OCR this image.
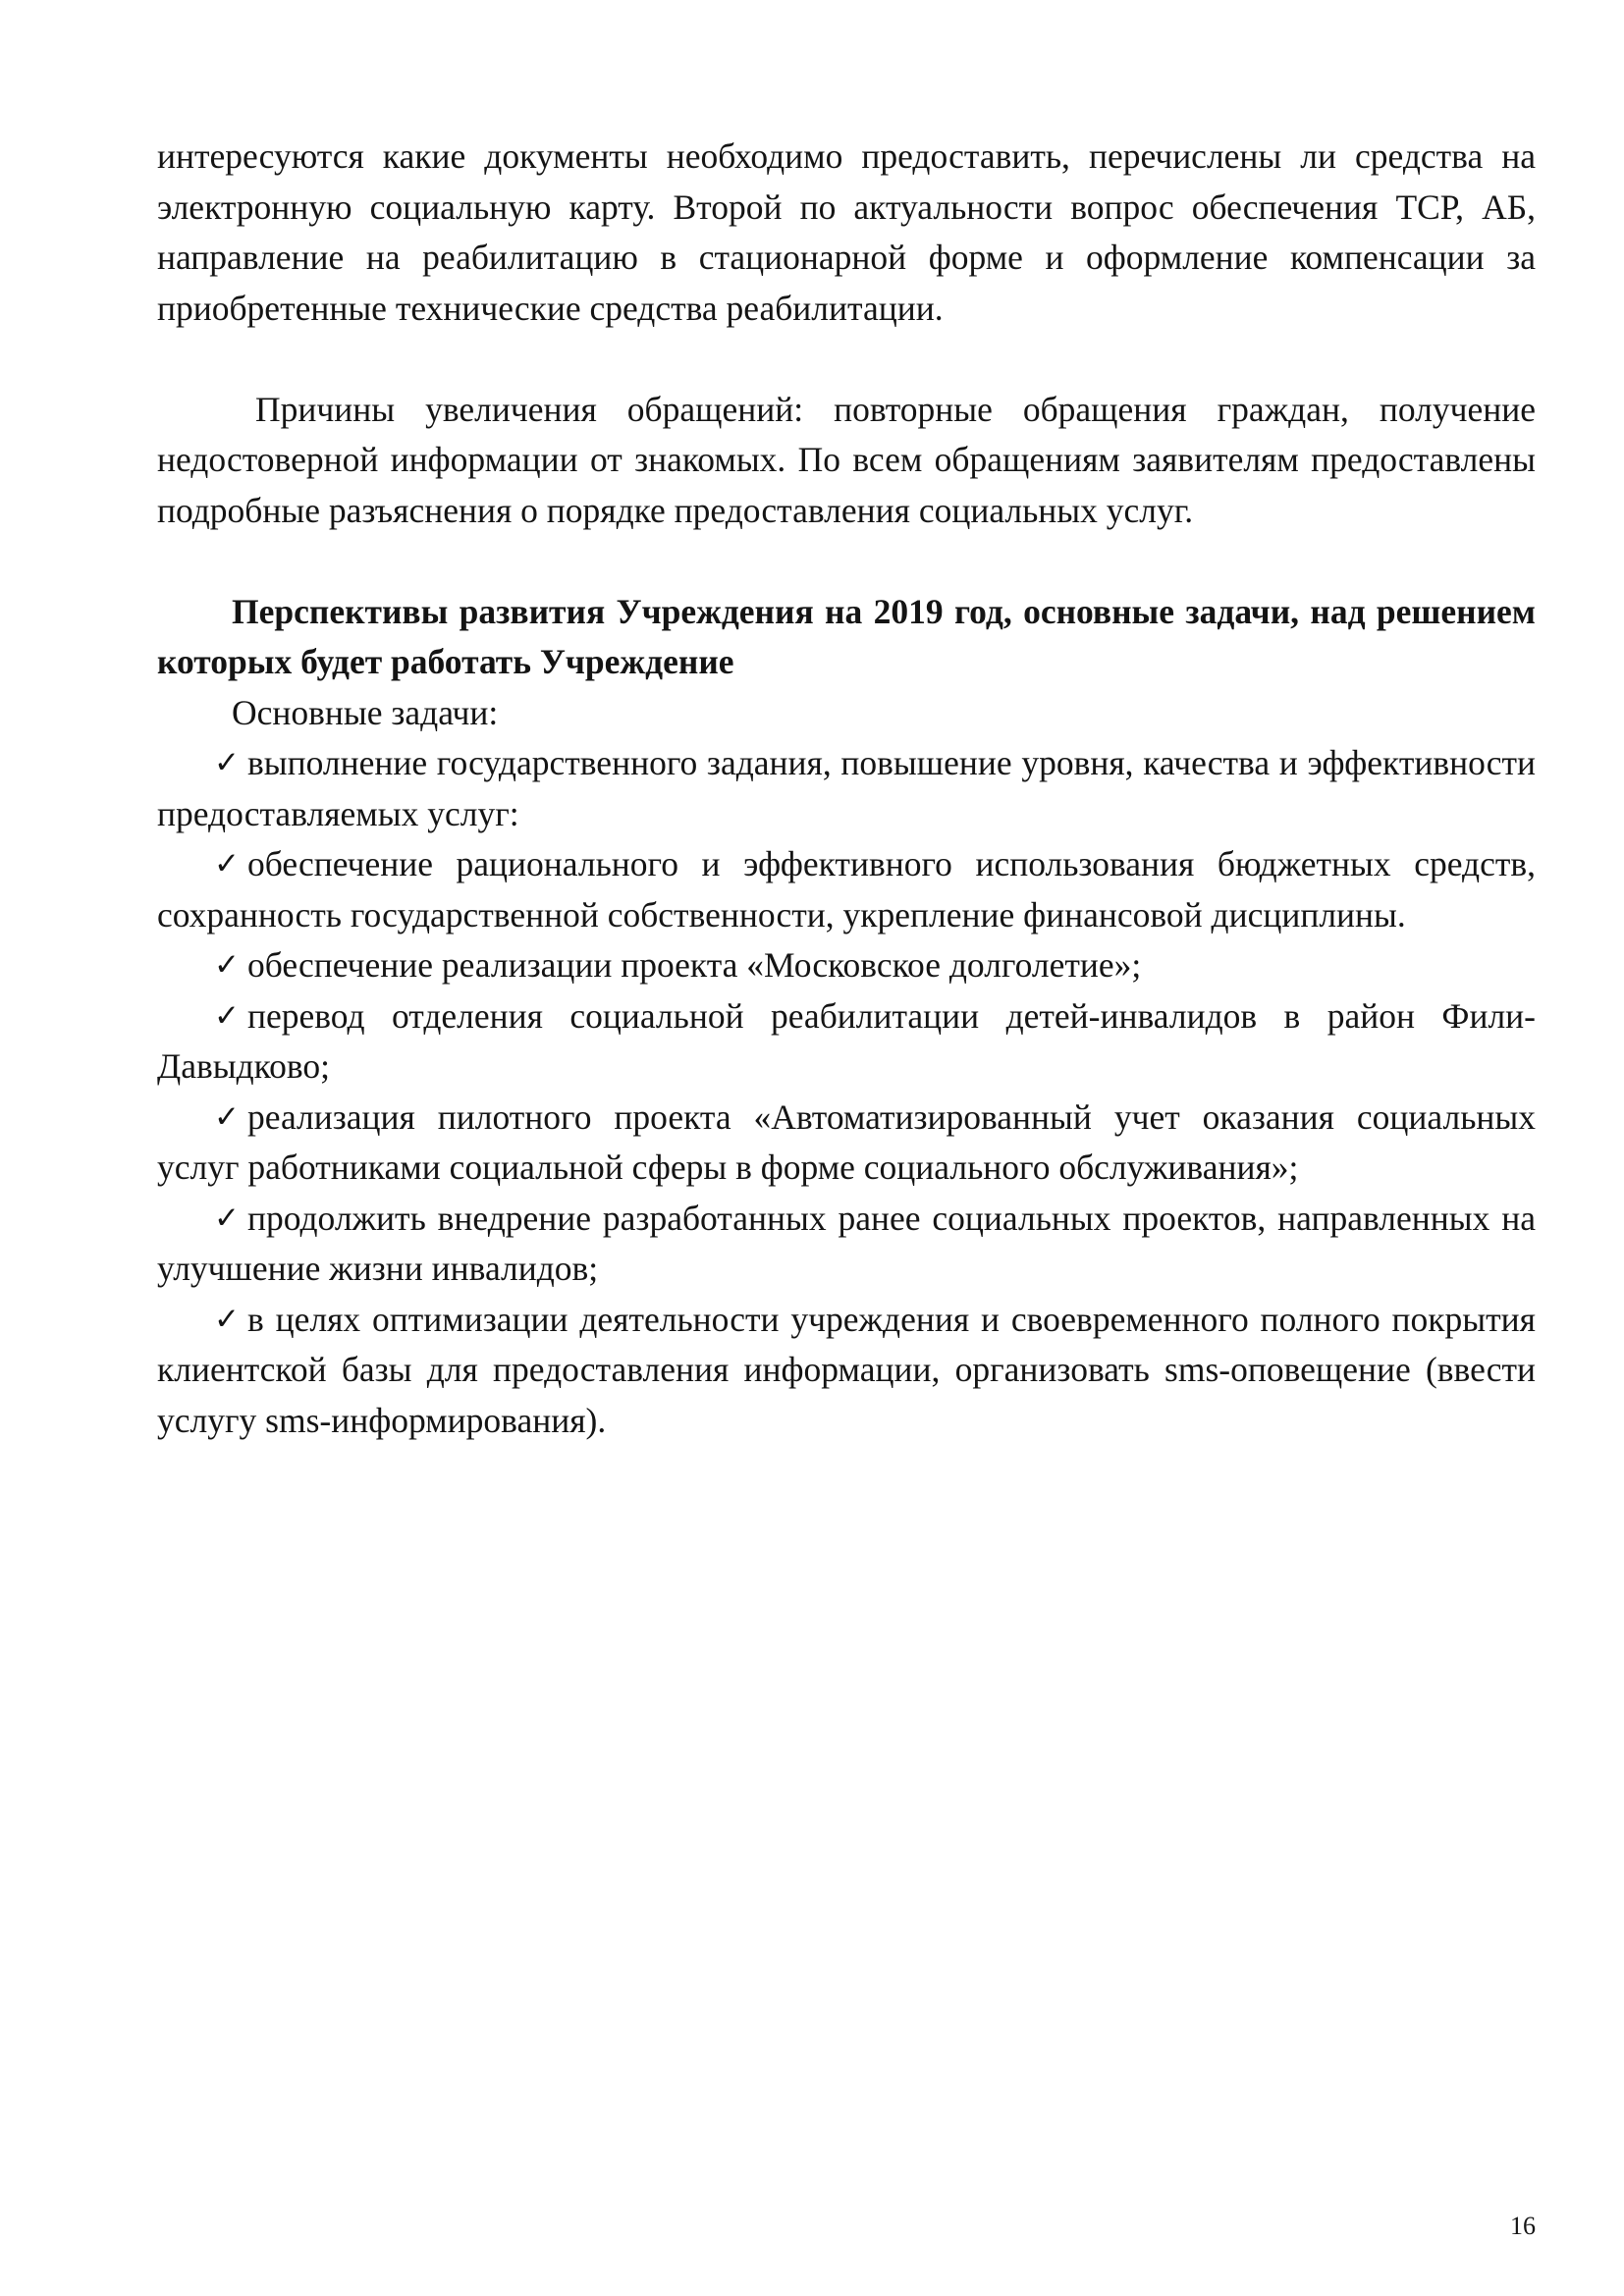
интересуются какие документы необходимо предоставить, перечислены ли средства на электронную социальную карту. Второй по актуальности вопрос обеспечения ТСР, АБ, направление на реабилитацию в стационарной форме и оформление компенсации за приобретенные технические средства реабилитации.

Причины увеличения обращений: повторные обращения граждан, получение недостоверной информации от знакомых. По всем обращениям заявителям предоставлены подробные разъяснения о порядке предоставления социальных услуг.

Перспективы развития Учреждения на 2019 год, основные задачи, над решением которых будет работать Учреждение

Основные задачи:

✓ выполнение государственного задания, повышение уровня, качества и эффективности предоставляемых услуг:

✓ обеспечение рационального и эффективного использования бюджетных средств, сохранность государственной собственности, укрепление финансовой дисциплины.

✓ обеспечение реализации проекта «Московское долголетие»;

✓ перевод отделения социальной реабилитации детей-инвалидов в район Фили-Давыдково;

✓ реализация пилотного проекта «Автоматизированный учет оказания социальных услуг работниками социальной сферы в форме социального обслуживания»;

✓ продолжить внедрение разработанных ранее социальных проектов, направленных на улучшение жизни инвалидов;

✓ в целях оптимизации деятельности учреждения и своевременного полного покрытия клиентской базы для предоставления информации, организовать sms-оповещение (ввести услугу sms-информирования).

16
